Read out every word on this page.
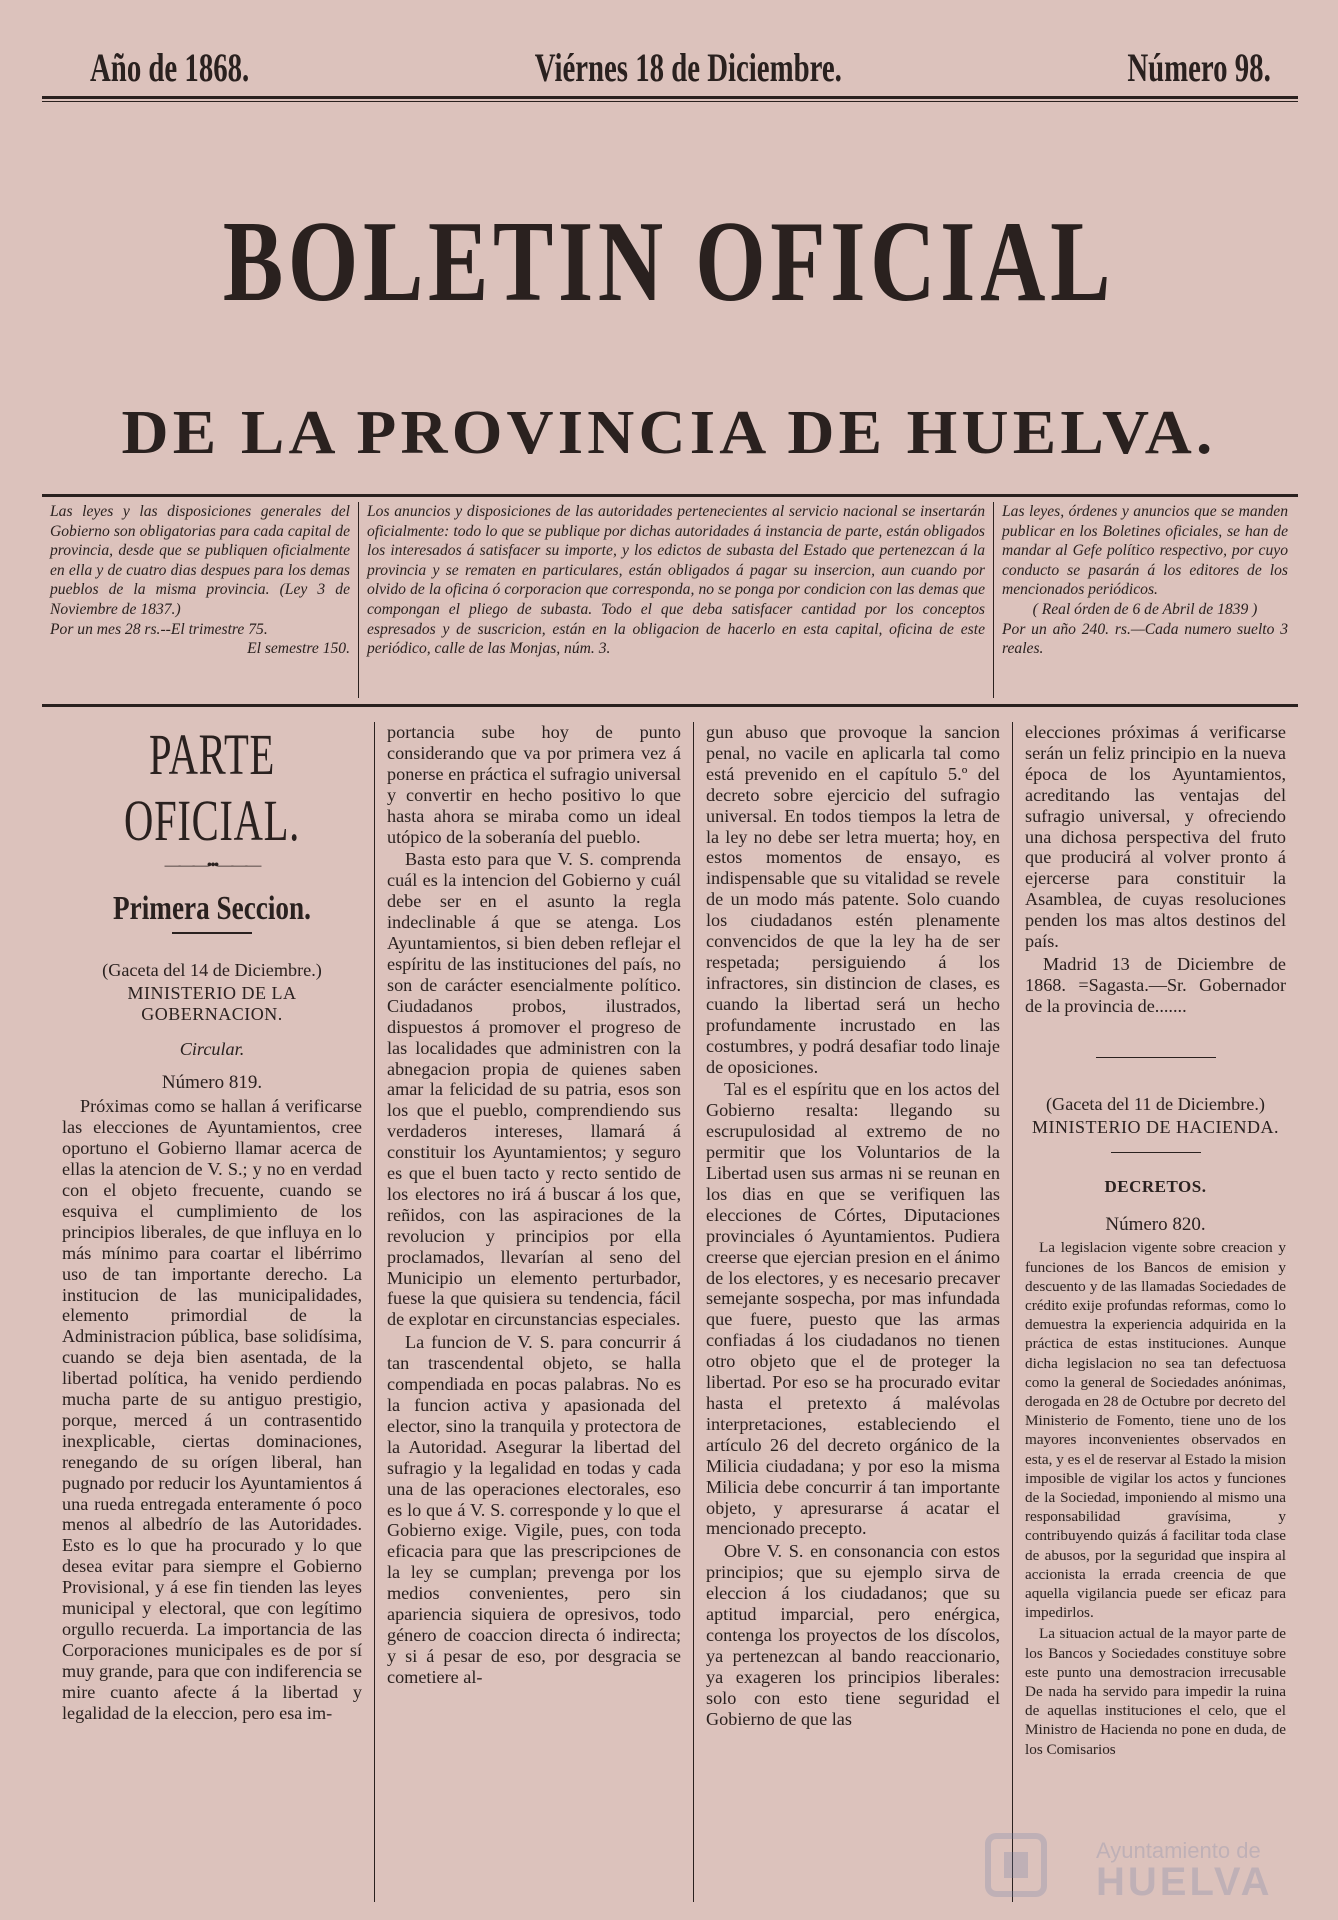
Año de 1868.	Viérnes 18 de Diciembre.	Número 98.
BOLETIN OFICIAL
DE LA PROVINCIA DE HUELVA.
Las leyes y las disposiciones generales del Gobierno son obligatorias para cada capital de provincia, desde que se publiquen oficialmente en ella y de cuatro dias despues para los demas pueblos de la misma provincia. (Ley 3 de Noviembre de 1837.)
Por un mes 28 rs.--El trimestre 75.
El semestre 150.
Los anuncios y disposiciones de las autoridades pertenecientes al servicio nacional se insertarán oficialmente: todo lo que se publique por dichas autoridades á instancia de parte, están obligados los interesados á satisfacer su importe, y los edictos de subasta del Estado que pertenezcan á la provincia y se rematen en particulares, están obligados á pagar su insercion, aun cuando por olvido de la oficina ó corporacion que corresponda, no se ponga por condicion con las demas que compongan el pliego de subasta. Todo el que deba satisfacer cantidad por los conceptos espresados y de suscricion, están en la obligacion de hacerlo en esta capital, oficina de este periódico, calle de las Monjas, núm. 3.
Las leyes, órdenes y anuncios que se manden publicar en los Boletines oficiales, se han de mandar al Gefe político respectivo, por cuyo conducto se pasarán á los editores de los mencionados periódicos.
( Real órden de 6 de Abril de 1839 )
Por un año 240. rs.—Cada numero suelto 3 reales.
PARTE OFICIAL.
———•••———
Primera Seccion.

(Gaceta del 14 de Diciembre.)

MINISTERIO DE LA GOBERNACION.
Circular.
Número 819.

Próximas como se hallan á verificarse las elecciones de Ayuntamientos, cree oportuno el Gobierno llamar acerca de ellas la atencion de V. S.; y no en verdad con el objeto frecuente, cuando se esquiva el cumplimiento de los principios liberales, de que influya en lo más mínimo para coartar el libérrimo uso de tan importante derecho. La institucion de las municipalidades, elemento primordial de la Administracion pública, base solidísima, cuando se deja bien asentada, de la libertad política, ha venido perdiendo mucha parte de su antiguo prestigio, porque, merced á un contrasentido inexplicable, ciertas dominaciones, renegando de su orígen liberal, han pugnado por reducir los Ayuntamientos á una rueda entregada enteramente ó poco menos al albedrío de las Autoridades. Esto es lo que ha procurado y lo que desea evitar para siempre el Gobierno Provisional, y á ese fin tienden las leyes municipal y electoral, que con legítimo orgullo recuerda. La importancia de las Corporaciones municipales es de por sí muy grande, para que con indiferencia se mire cuanto afecte á la libertad y legalidad de la eleccion, pero esa im-

portancia sube hoy de punto considerando que va por primera vez á ponerse en práctica el sufragio universal y convertir en hecho positivo lo que hasta ahora se miraba como un ideal utópico de la soberanía del pueblo.

Basta esto para que V. S. comprenda cuál es la intencion del Gobierno y cuál debe ser en el asunto la regla indeclinable á que se atenga. Los Ayuntamientos, si bien deben reflejar el espíritu de las instituciones del país, no son de carácter esencialmente político. Ciudadanos probos, ilustrados, dispuestos á promover el progreso de las localidades que administren con la abnegacion propia de quienes saben amar la felicidad de su patria, esos son los que el pueblo, comprendiendo sus verdaderos intereses, llamará á constituir los Ayuntamientos; y seguro es que el buen tacto y recto sentido de los electores no irá á buscar á los que, reñidos, con las aspiraciones de la revolucion y principios por ella proclamados, llevarían al seno del Municipio un elemento perturbador, fuese la que quisiera su tendencia, fácil de explotar en circunstancias especiales.

La funcion de V. S. para concurrir á tan trascendental objeto, se halla compendiada en pocas palabras. No es la funcion activa y apasionada del elector, sino la tranquila y protectora de la Autoridad. Asegurar la libertad del sufragio y la legalidad en todas y cada una de las operaciones electorales, eso es lo que á V. S. corresponde y lo que el Gobierno exige. Vigile, pues, con toda eficacia para que las prescripciones de la ley se cumplan; prevenga por los medios convenientes, pero sin apariencia siquiera de opresivos, todo género de coaccion directa ó indirecta; y si á pesar de eso, por desgracia se cometiere al-

gun abuso que provoque la sancion penal, no vacile en aplicarla tal como está prevenido en el capítulo 5.º del decreto sobre ejercicio del sufragio universal. En todos tiempos la letra de la ley no debe ser letra muerta; hoy, en estos momentos de ensayo, es indispensable que su vitalidad se revele de un modo más patente. Solo cuando los ciudadanos estén plenamente convencidos de que la ley ha de ser respetada; persiguiendo á los infractores, sin distincion de clases, es cuando la libertad será un hecho profundamente incrustado en las costumbres, y podrá desafiar todo linaje de oposiciones.

Tal es el espíritu que en los actos del Gobierno resalta: llegando su escrupulosidad al extremo de no permitir que los Voluntarios de la Libertad usen sus armas ni se reunan en los dias en que se verifiquen las elecciones de Córtes, Diputaciones provinciales ó Ayuntamientos. Pudiera creerse que ejercian presion en el ánimo de los electores, y es necesario precaver semejante sospecha, por mas infundada que fuere, puesto que las armas confiadas á los ciudadanos no tienen otro objeto que el de proteger la libertad. Por eso se ha procurado evitar hasta el pretexto á malévolas interpretaciones, estableciendo el artículo 26 del decreto orgánico de la Milicia ciudadana; y por eso la misma Milicia debe concurrir á tan importante objeto, y apresurarse á acatar el mencionado precepto.

Obre V. S. en consonancia con estos principios; que su ejemplo sirva de eleccion á los ciudadanos; que su aptitud imparcial, pero enérgica, contenga los proyectos de los díscolos, ya pertenezcan al bando reaccionario, ya exageren los principios liberales: solo con esto tiene seguridad el Gobierno de que las

elecciones próximas á verificarse serán un feliz principio en la nueva época de los Ayuntamientos, acreditando las ventajas del sufragio universal, y ofreciendo una dichosa perspectiva del fruto que producirá al volver pronto á ejercerse para constituir la Asamblea, de cuyas resoluciones penden los mas altos destinos del país.

Madrid 13 de Diciembre de 1868. =Sagasta.—Sr. Gobernador de la provincia de.......

(Gaceta del 11 de Diciembre.)

MINISTERIO DE HACIENDA.
DECRETOS.
Número 820.

La legislacion vigente sobre creacion y funciones de los Bancos de emision y descuento y de las llamadas Sociedades de crédito exije profundas reformas, como lo demuestra la experiencia adquirida en la práctica de estas instituciones. Aunque dicha legislacion no sea tan defectuosa como la general de Sociedades anónimas, derogada en 28 de Octubre por decreto del Ministerio de Fomento, tiene uno de los mayores inconvenientes observados en esta, y es el de reservar al Estado la mision imposible de vigilar los actos y funciones de la Sociedad, imponiendo al mismo una responsabilidad gravísima, y contribuyendo quizás á facilitar toda clase de abusos, por la seguridad que inspira al accionista la errada creencia de que aquella vigilancia puede ser eficaz para impedirlos.

La situacion actual de la mayor parte de los Bancos y Sociedades constituye sobre este punto una demostracion irrecusable De nada ha servido para impedir la ruina de aquellas instituciones el celo, que el Ministro de Hacienda no pone en duda, de los Comisarios

Ayuntamiento de
HUELVA
